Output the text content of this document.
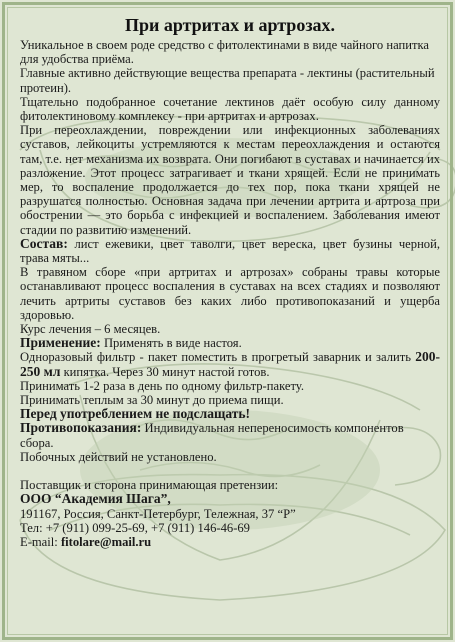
При артритах и артрозах.

Уникальное в своем роде средство с фитолектинами в виде чайного напитка для удобства приёма.

Главные активно действующие вещества препарата - лектины (растительный протеин).

Тщательно подобранное сочетание лектинов даёт особую силу данному фитолектиновому комплексу - при артритах и артрозах.

При переохлаждении, повреждении или инфекционных заболеваниях суставов, лейкоциты устремляются к местам переохлаждения и остаются там, т.е. нет механизма их возврата. Они погибают в суставах и начинается их разложение. Этот процесс затрагивает и ткани хрящей. Если не принимать мер, то воспаление продолжается до тех пор, пока ткани хрящей не разрушатся полностью. Основная задача при лечении артрита и артроза при обострении — это борьба с инфекцией и воспалением. Заболевания имеют стадии по развитию изменений.

Состав: лист ежевики, цвет таволги, цвет вереска, цвет бузины черной, трава мяты...

В травяном сборе «при артритах и артрозах» собраны травы которые останавливают процесс воспаления в суставах на всех стадиях и позволяют лечить артриты суставов без каких либо противопоказаний и ущерба здоровью.

Курс лечения – 6 месяцев.

Применение: Применять в виде настоя.

Одноразовый фильтр - пакет поместить в прогретый заварник и залить 200-250 мл кипятка. Через 30 минут настой готов.

Принимать 1-2 раза в день по одному фильтр-пакету.

Принимать теплым за 30 минут до приема пищи.

Перед употреблением не подслащать!

Противопоказания: Индивидуальная непереносимость компонентов сбора.

Побочных действий не установлено.

Поставщик и сторона принимающая претензии:

ООО “Академия Шага”,

191167, Россия, Санкт-Петербург, Тележная, 37 “Р”

Тел: +7 (911) 099-25-69, +7 (911) 146-46-69

E-mail: fitolare@mail.ru
